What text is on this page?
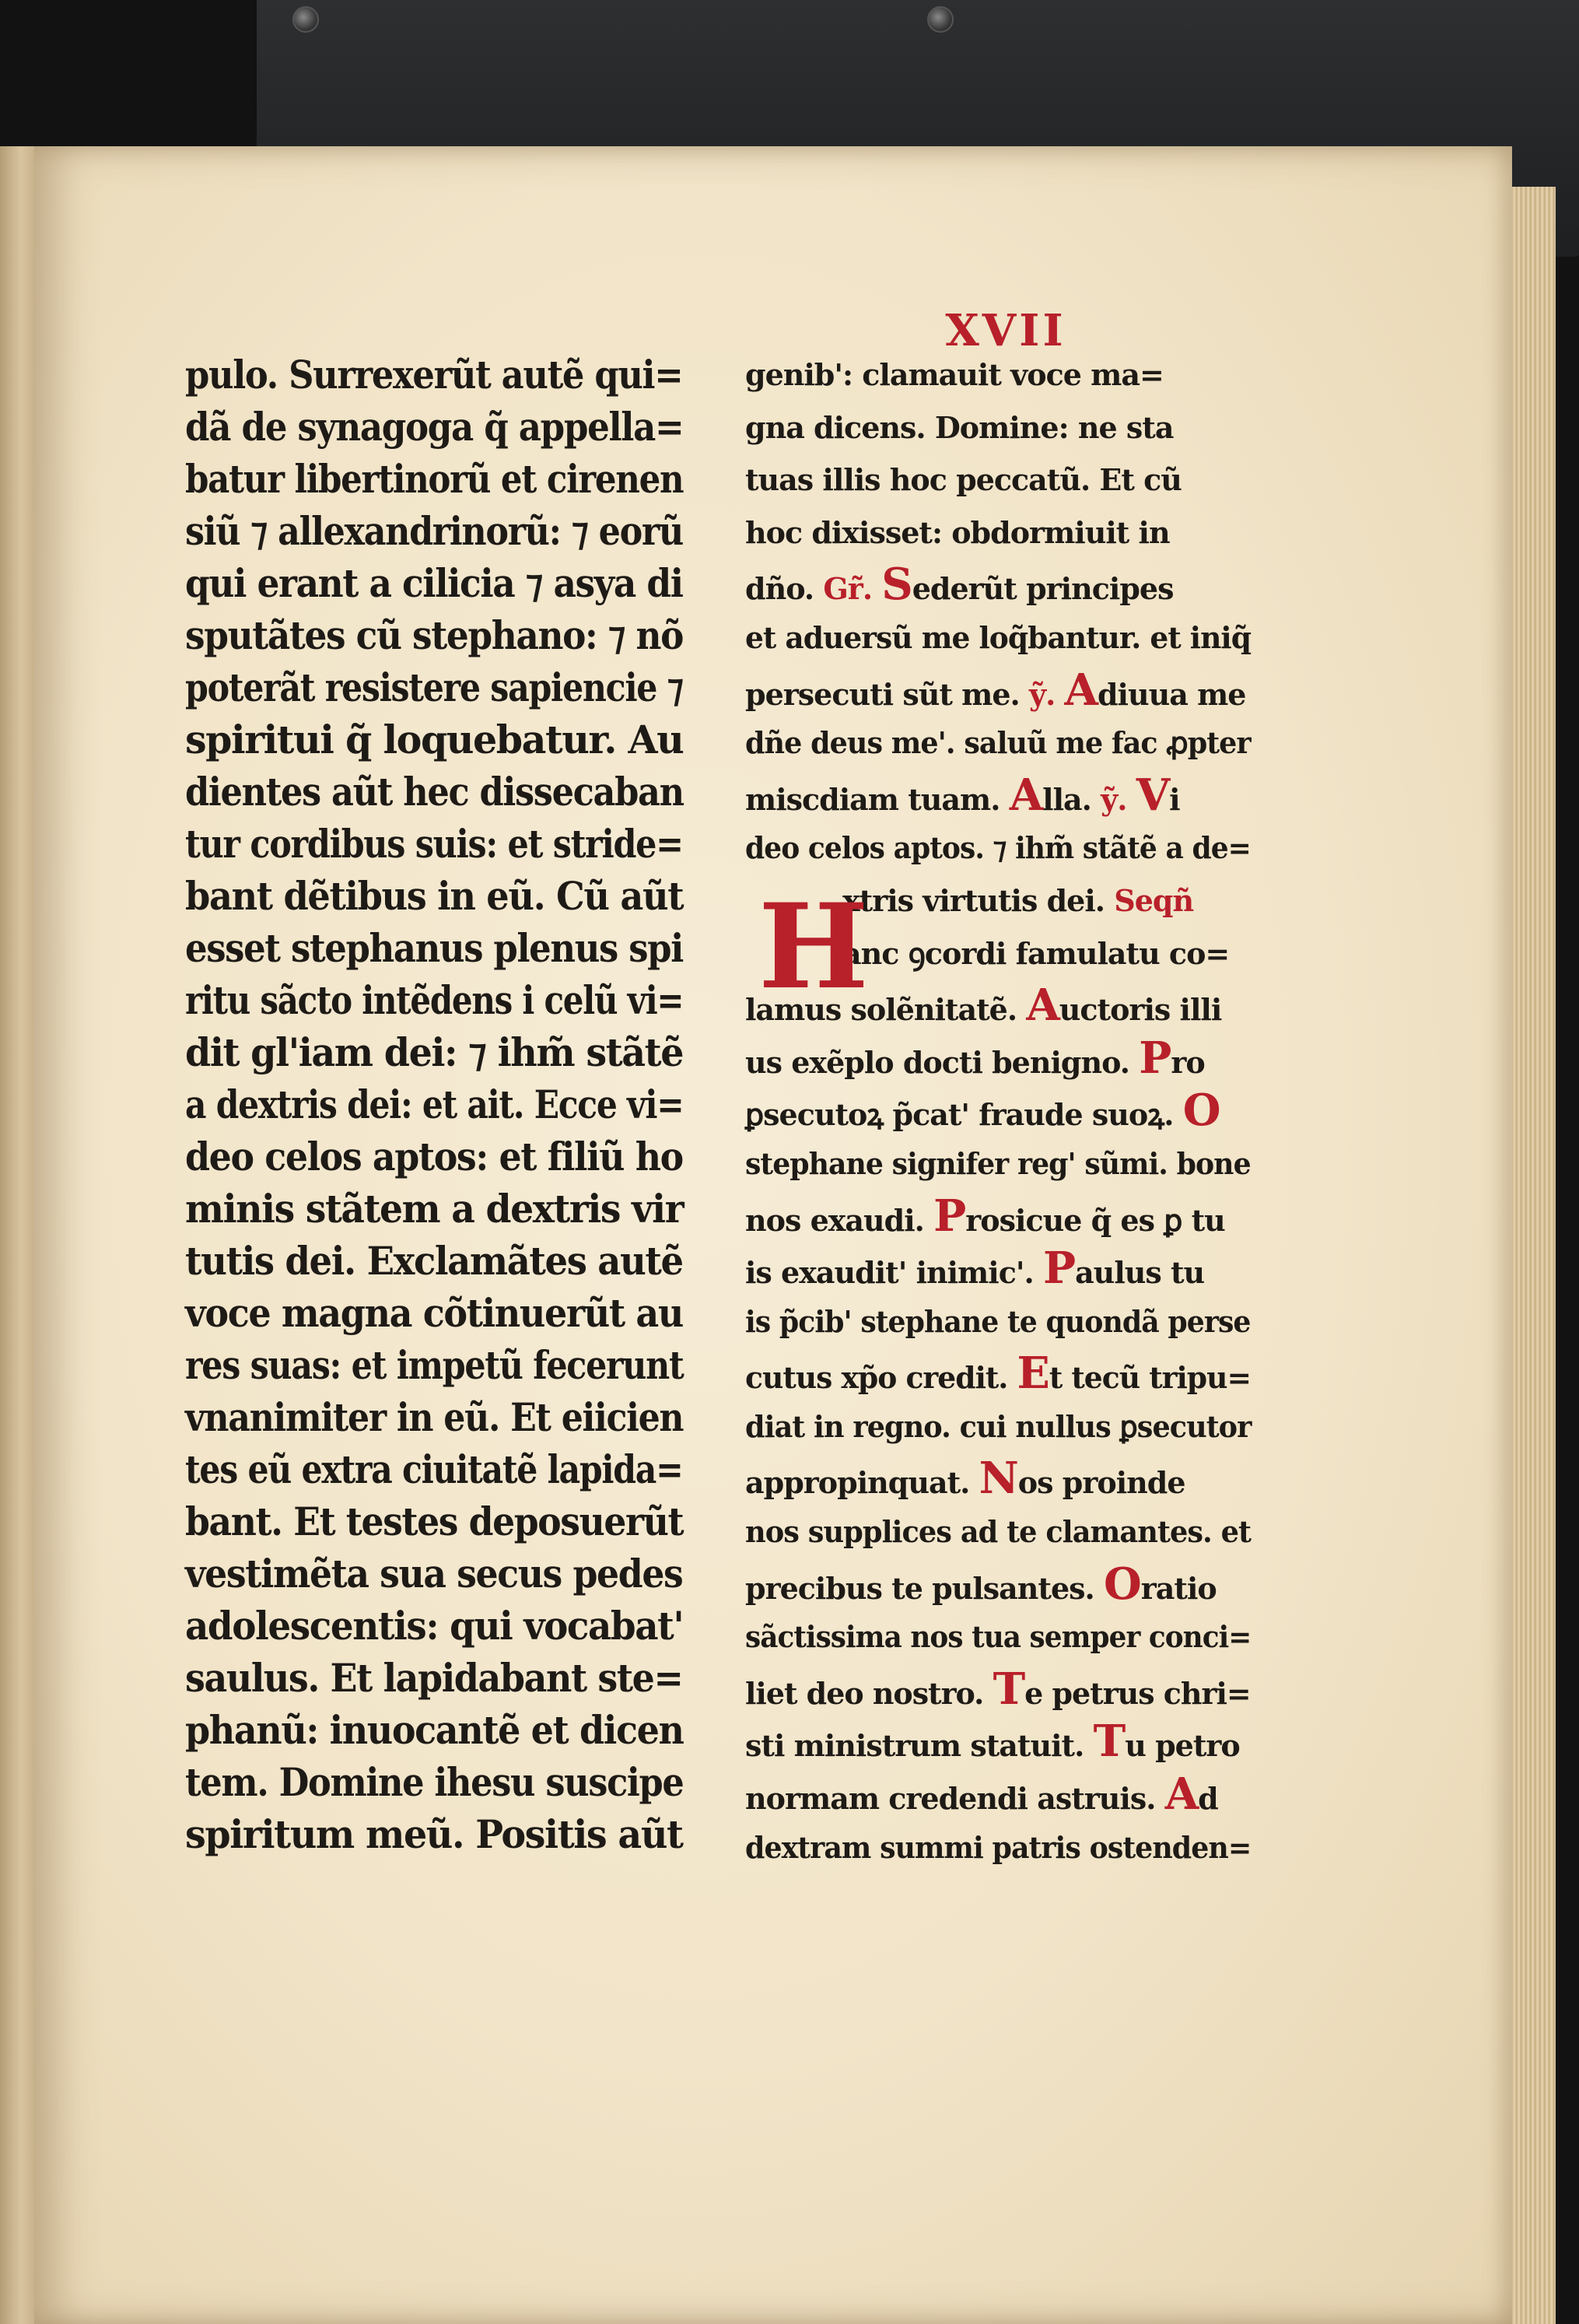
XVII
pulo. Surrexerũt autẽ qui=
dã de synagoga q̃ appella=
batur libertinorũ et cirenen
siũ ⁊ allexandrinorũ: ⁊ eorũ
qui erant a cilicia ⁊ asya di
sputãtes cũ stephano: ⁊ nõ
poterãt resistere sapiencie ⁊
spiritui q̃ loquebatur. Au
dientes aũt hec dissecaban
tur cordibus suis: et stride=
bant dẽtibus in eũ. Cũ aũt
esset stephanus plenus spi
ritu sãcto intẽdens i celũ vi=
dit gl'iam dei: ⁊ ihm̃ stãtẽ
a dextris dei: et ait. Ecce vi=
deo celos aptos: et filiũ ho
minis stãtem a dextris vir
tutis dei. Exclamãtes autẽ
voce magna cõtinuerũt au
res suas: et impetũ fecerunt
vnanimiter in eũ. Et eiicien
tes eũ extra ciuitatẽ lapida=
bant. Et testes deposuerũt
vestimẽta sua secus pedes
adolescentis: qui vocabat'
saulus. Et lapidabant ste=
phanũ: inuocantẽ et dicen
tem. Domine ihesu suscipe
spiritum meũ. Positis aũt
genib': clamauit voce ma=
gna dicens. Domine: ne sta
tuas illis hoc peccatũ. Et cũ
hoc dixisset: obdormiuit in
dño. Gr̃. Sederũt principes
et aduersũ me loq̃bantur. et iniq̃
persecuti sũt me. ỹ. Adiuua me
dñe deus me'. saluũ me fac ꝓpter
miscdiam tuam. Alla. ỹ. Vi
deo celos aptos. ⁊ ihm̃ stãtẽ a de=
xtris virtutis dei. Seqñ
anc ꝯcordi famulatu co=
lamus solẽnitatẽ. Auctoris illi
us exẽplo docti benigno. Pro
ꝑsecutoꝝ p̃cat' fraude suoꝝ. O
stephane signifer reg' sũmi. bone
nos exaudi. Prosicue q̃ es ꝑ tu
is exaudit' inimic'. Paulus tu
is p̃cib' stephane te quondã perse
cutus xp̃o credit. Et tecũ tripu=
diat in regno. cui nullus ꝑsecutor
appropinquat. Nos proinde
nos supplices ad te clamantes. et
precibus te pulsantes. Oratio
sãctissima nos tua semper conci=
liet deo nostro. Te petrus chri=
sti ministrum statuit. Tu petro
normam credendi astruis. Ad
dextram summi patris ostenden=
H
